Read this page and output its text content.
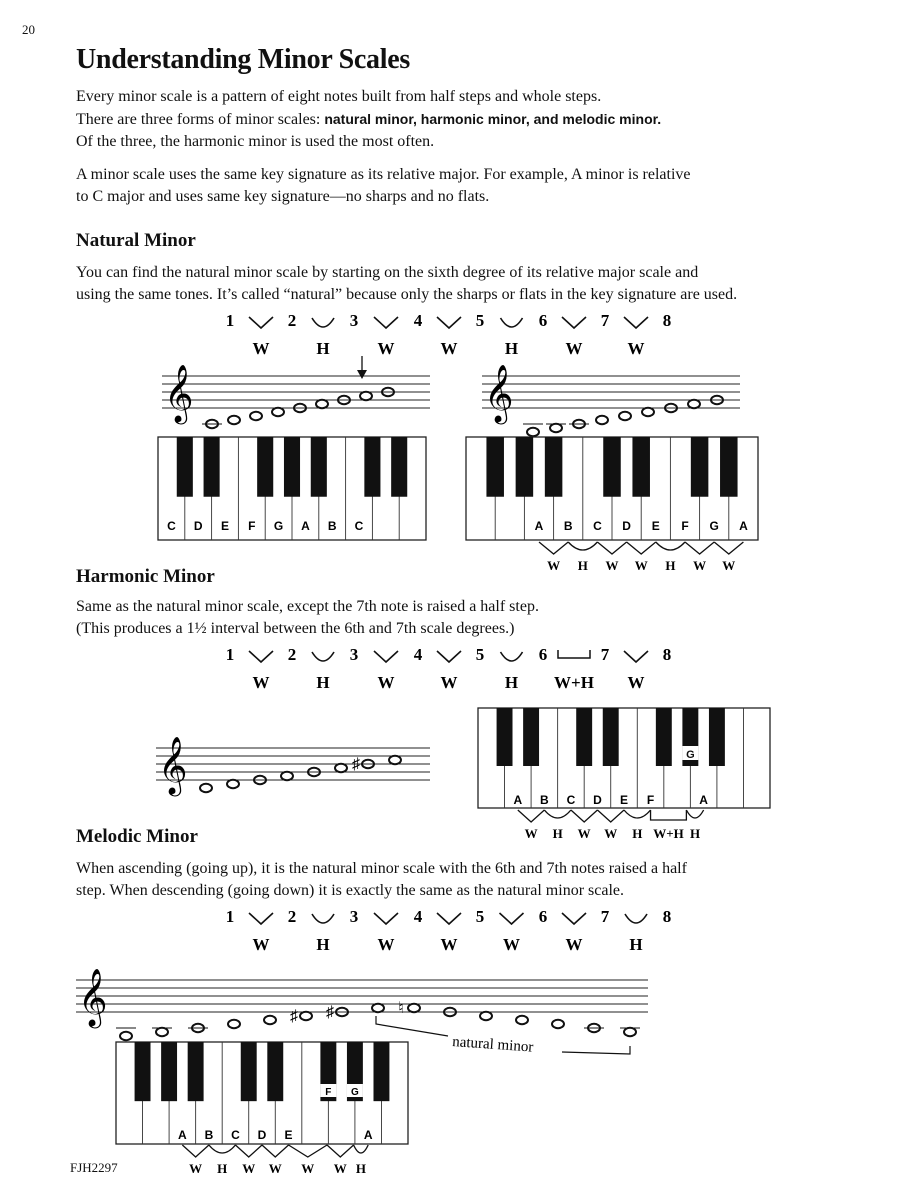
20
Understanding Minor Scales
Every minor scale is a pattern of eight notes built from half steps and whole steps.
There are three forms of minor scales: natural minor, harmonic minor, and melodic minor.
Of the three, the harmonic minor is used the most often.
A minor scale uses the same key signature as its relative major. For example, A minor is relative
to C major and uses same key signature—no sharps and no flats.
Natural Minor
You can find the natural minor scale by starting on the sixth degree of its relative major scale and
using the same tones. It’s called “natural” because only the sharps or flats in the key signature are used.
Harmonic Minor
Same as the natural minor scale, except the 7th note is raised a half step.
(This produces a 1½ interval between the 6th and 7th scale degrees.)
Melodic Minor
When ascending (going up), it is the natural minor scale with the 6th and 7th notes raised a half
step. When descending (going down) it is exactly the same as the natural minor scale.
FJH2297
1	2	3	4	5	6	7	8
W	H	W	W	H	W	W
𝄞	𝄞
C D E F G A B C	A B C D E F G A
W H W W H W W
1	2	3	4	5	6	7	8
W	H	W	W	H W+H W
𝄞	♯
A B C D E F	A
G
W H W W H W+H H
1	2	3	4	5	6	7	8
W	H	W	W	W	W	H
𝄞	♯ ♯	♮
natural minor
A B C D E	A
F G
W H W W W W H
